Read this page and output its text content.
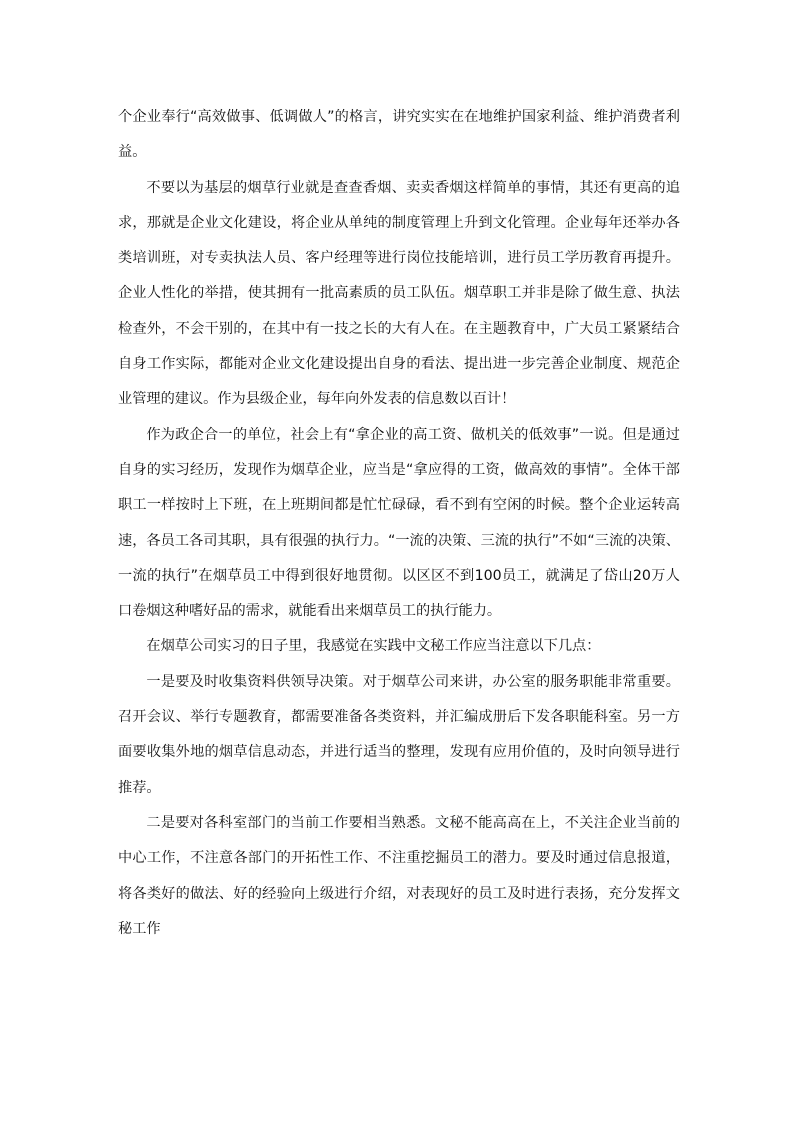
个企业奉行“高效做事、低调做人”的格言，讲究实实在在地维护国家利益、维护消费者利益。

不要以为基层的烟草行业就是查查香烟、卖卖香烟这样简单的事情，其还有更高的追求，那就是企业文化建设，将企业从单纯的制度管理上升到文化管理。企业每年还举办各类培训班，对专卖执法人员、客户经理等进行岗位技能培训，进行员工学历教育再提升。企业人性化的举措，使其拥有一批高素质的员工队伍。烟草职工并非是除了做生意、执法检查外，不会干别的，在其中有一技之长的大有人在。在主题教育中，广大员工紧紧结合自身工作实际，都能对企业文化建设提出自身的看法、提出进一步完善企业制度、规范企业管理的建议。作为县级企业，每年向外发表的信息数以百计！

作为政企合一的单位，社会上有“拿企业的高工资、做机关的低效事”一说。但是通过自身的实习经历，发现作为烟草企业，应当是“拿应得的工资，做高效的事情”。全体干部职工一样按时上下班，在上班期间都是忙忙碌碌，看不到有空闲的时候。整个企业运转高速，各员工各司其职，具有很强的执行力。“一流的决策、三流的执行”不如“三流的决策、一流的执行”在烟草员工中得到很好地贯彻。以区区不到100员工，就满足了岱山20万人口卷烟这种嗜好品的需求，就能看出来烟草员工的执行能力。

在烟草公司实习的日子里，我感觉在实践中文秘工作应当注意以下几点：

一是要及时收集资料供领导决策。对于烟草公司来讲，办公室的服务职能非常重要。召开会议、举行专题教育，都需要准备各类资料，并汇编成册后下发各职能科室。另一方面要收集外地的烟草信息动态，并进行适当的整理，发现有应用价值的，及时向领导进行推荐。

二是要对各科室部门的当前工作要相当熟悉。文秘不能高高在上，不关注企业当前的中心工作，不注意各部门的开拓性工作、不注重挖掘员工的潜力。要及时通过信息报道，将各类好的做法、好的经验向上级进行介绍，对表现好的员工及时进行表扬，充分发挥文秘工作
